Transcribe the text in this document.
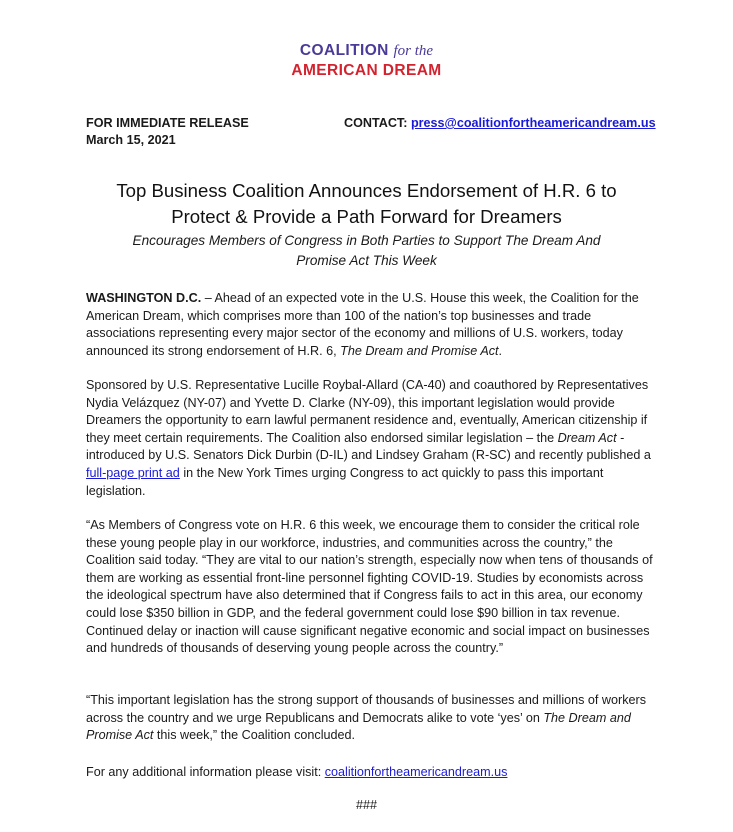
COALITION for the
AMERICAN DREAM
FOR IMMEDIATE RELEASE
March 15, 2021
CONTACT: press@coalitionfortheamericandream.us
Top Business Coalition Announces Endorsement of H.R. 6 to
Protect & Provide a Path Forward for Dreamers
Encourages Members of Congress in Both Parties to Support The Dream And
Promise Act This Week
WASHINGTON D.C. – Ahead of an expected vote in the U.S. House this week, the Coalition for the American Dream, which comprises more than 100 of the nation’s top businesses and trade associations representing every major sector of the economy and millions of U.S. workers, today announced its strong endorsement of H.R. 6, The Dream and Promise Act.
Sponsored by U.S. Representative Lucille Roybal-Allard (CA-40) and coauthored by Representatives Nydia Velázquez (NY-07) and Yvette D. Clarke (NY-09), this important legislation would provide Dreamers the opportunity to earn lawful permanent residence and, eventually, American citizenship if they meet certain requirements. The Coalition also endorsed similar legislation – the Dream Act - introduced by U.S. Senators Dick Durbin (D-IL) and Lindsey Graham (R-SC) and recently published a full-page print ad in the New York Times urging Congress to act quickly to pass this important legislation.
“As Members of Congress vote on H.R. 6 this week, we encourage them to consider the critical role these young people play in our workforce, industries, and communities across the country,” the Coalition said today. “They are vital to our nation’s strength, especially now when tens of thousands of them are working as essential front-line personnel fighting COVID-19. Studies by economists across the ideological spectrum have also determined that if Congress fails to act in this area, our economy could lose $350 billion in GDP, and the federal government could lose $90 billion in tax revenue. Continued delay or inaction will cause significant negative economic and social impact on businesses and hundreds of thousands of deserving young people across the country.”
“This important legislation has the strong support of thousands of businesses and millions of workers across the country and we urge Republicans and Democrats alike to vote ‘yes’ on The Dream and Promise Act this week,” the Coalition concluded.
For any additional information please visit: coalitionfortheamericandream.us
###
